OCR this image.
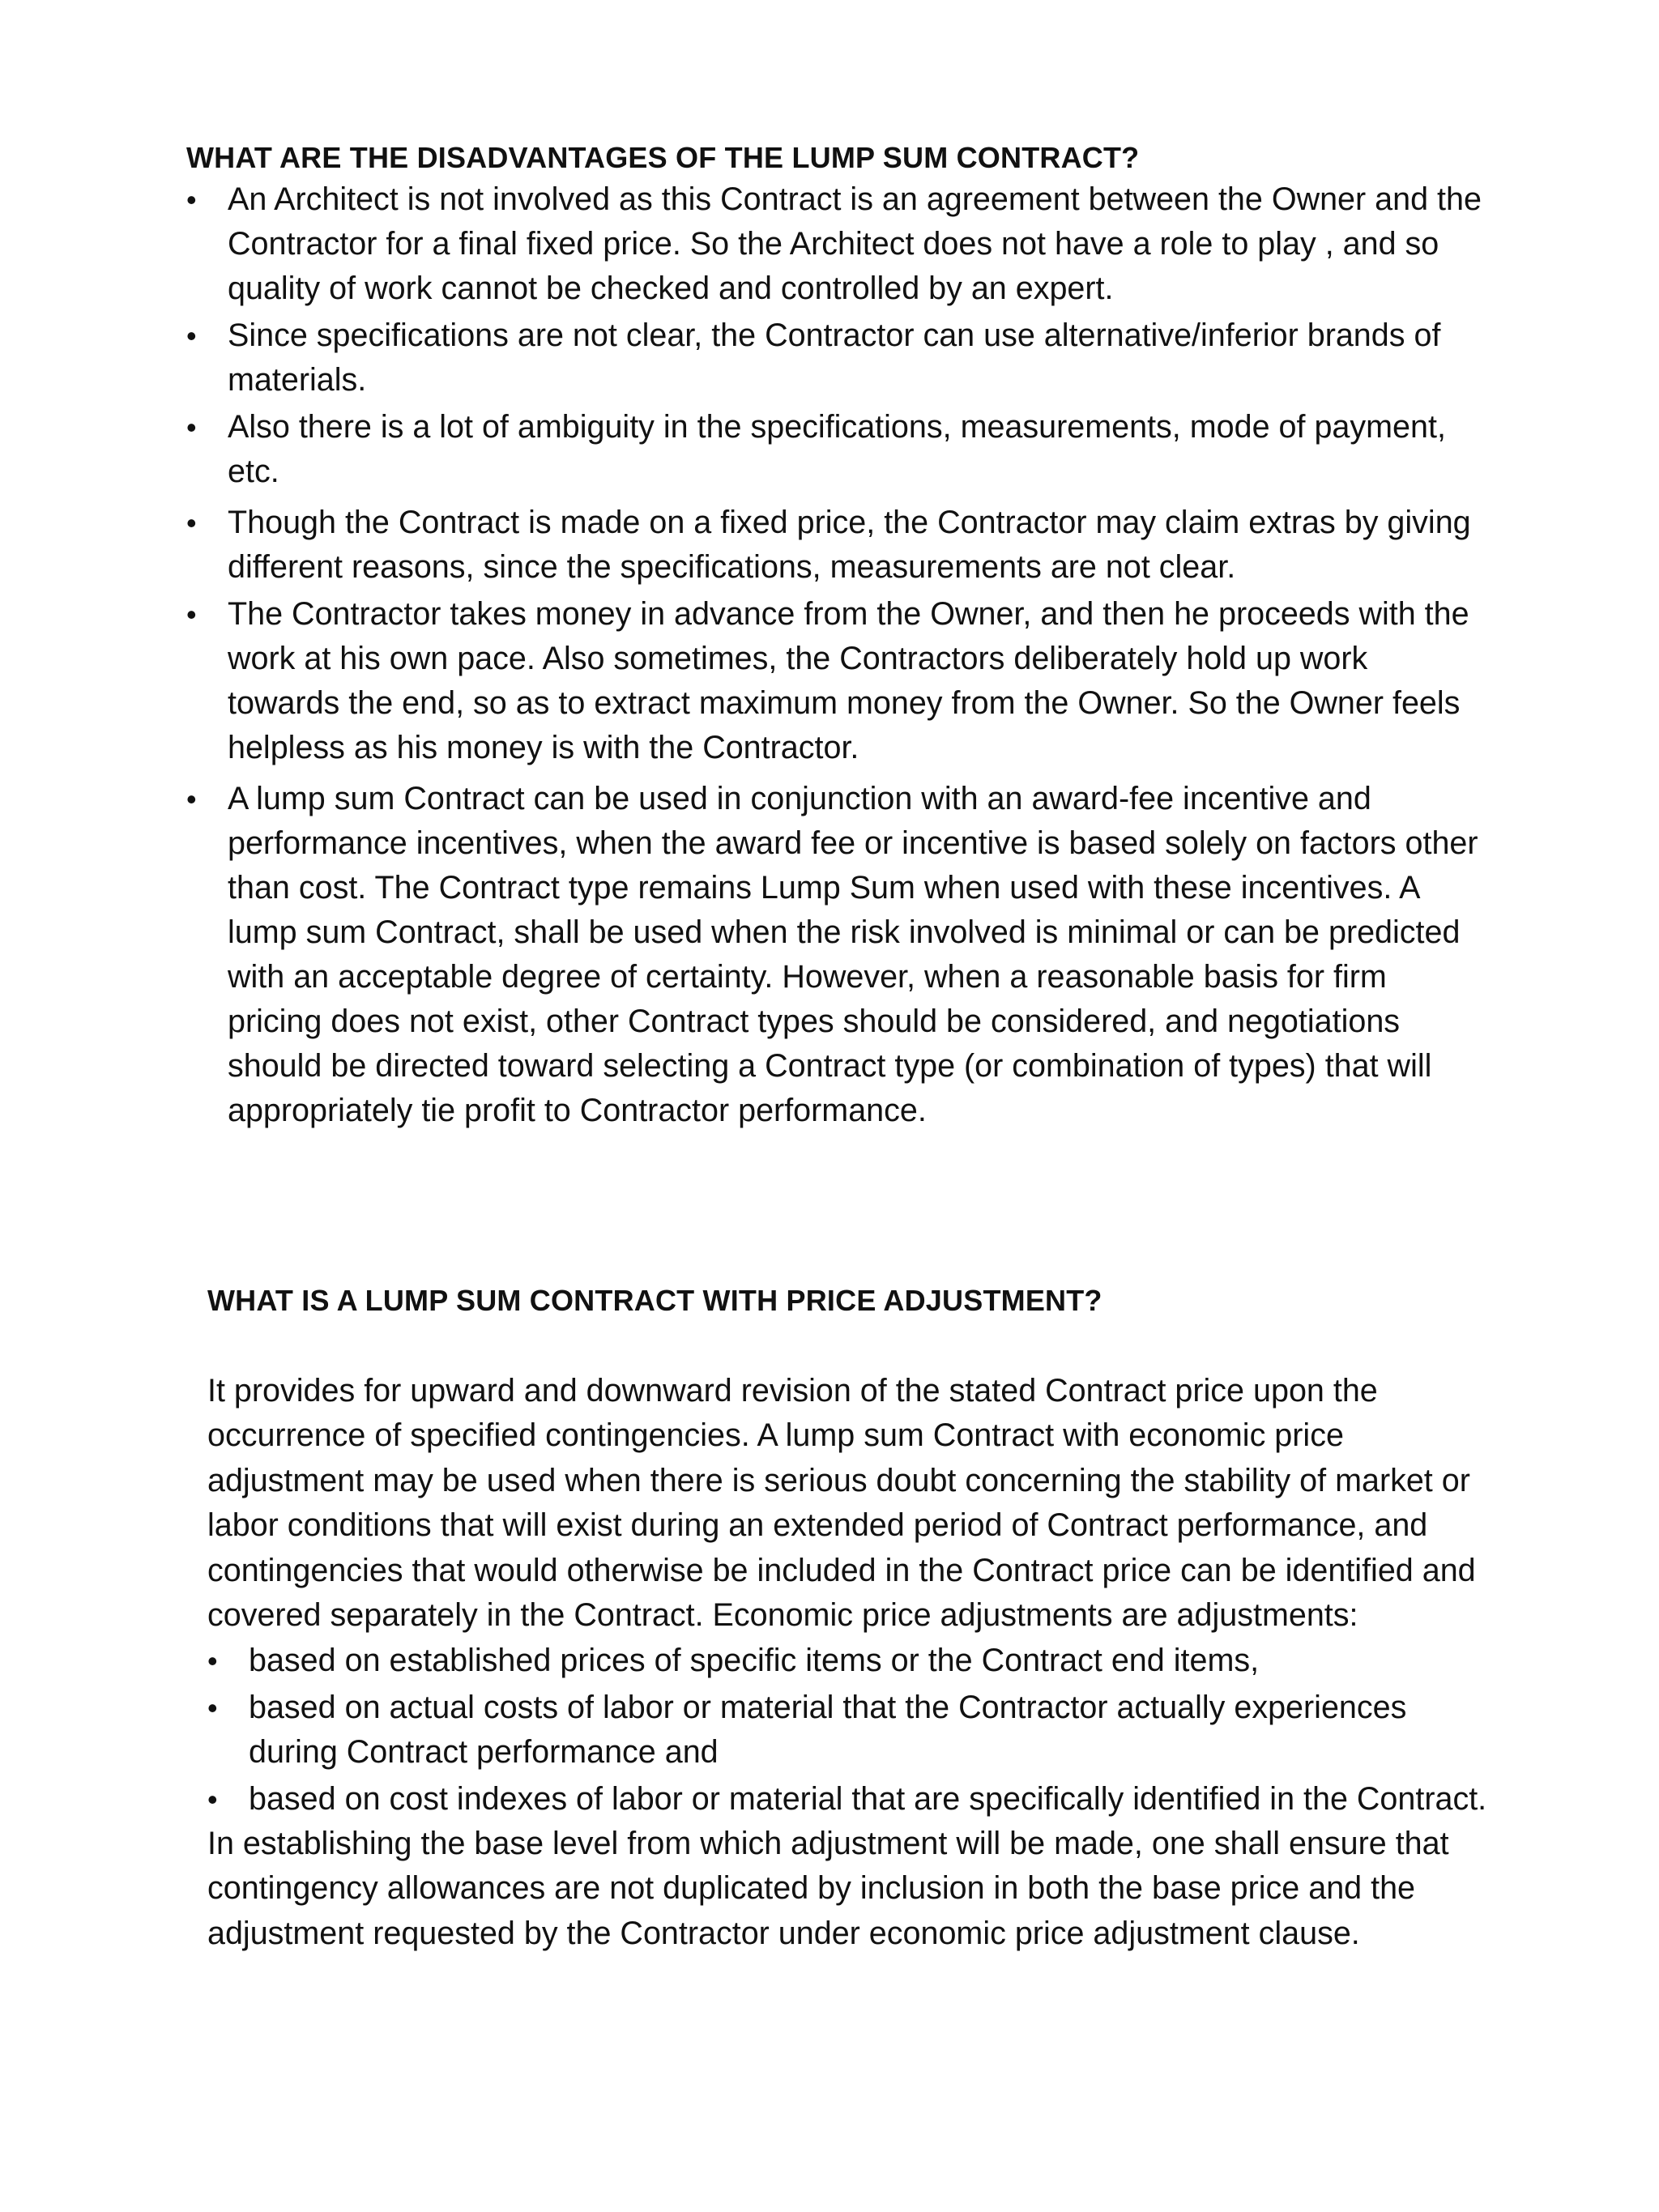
WHAT ARE THE DISADVANTAGES OF THE LUMP SUM CONTRACT?
• An Architect is not involved as this Contract is an agreement between the Owner and the Contractor for a final fixed price. So the Architect does not have a role to play , and so quality of work cannot be checked and controlled by an expert.
• Since specifications are not clear, the Contractor can use alternative/inferior brands of materials.
• Also there is a lot of ambiguity in the specifications, measurements, mode of payment, etc.
• Though the Contract is made on a fixed price, the Contractor may claim extras by giving different reasons, since the specifications, measurements are not clear.
• The Contractor takes money in advance from the Owner, and then he proceeds with the work at his own pace. Also sometimes, the Contractors deliberately hold up work towards the end, so as to extract maximum money from the Owner. So the Owner feels helpless as his money is with the Contractor.
• A lump sum Contract can be used in conjunction with an award-fee incentive and performance incentives, when the award fee or incentive is based solely on factors other than cost. The Contract type remains Lump Sum when used with these incentives. A lump sum Contract, shall be used when the risk involved is minimal or can be predicted with an acceptable degree of certainty. However, when a reasonable basis for firm pricing does not exist, other Contract types should be considered, and negotiations should be directed toward selecting a Contract type (or combination of types) that will appropriately tie profit to Contractor performance.
WHAT IS A LUMP SUM CONTRACT WITH PRICE ADJUSTMENT?

It provides for upward and downward revision of the stated Contract price upon the occurrence of specified contingencies. A lump sum Contract with economic price adjustment may be used when there is serious doubt concerning the stability of market or labor conditions that will exist during an extended period of Contract performance, and contingencies that would otherwise be included in the Contract price can be identified and covered separately in the Contract. Economic price adjustments are adjustments:

• based on established prices of specific items or the Contract end items,
• based on actual costs of labor or material that the Contractor actually experiences during Contract performance and
• based on cost indexes of labor or material that are specifically identified in the Contract.

In establishing the base level from which adjustment will be made, one shall ensure that contingency allowances are not duplicated by inclusion in both the base price and the adjustment requested by the Contractor under economic price adjustment clause.
